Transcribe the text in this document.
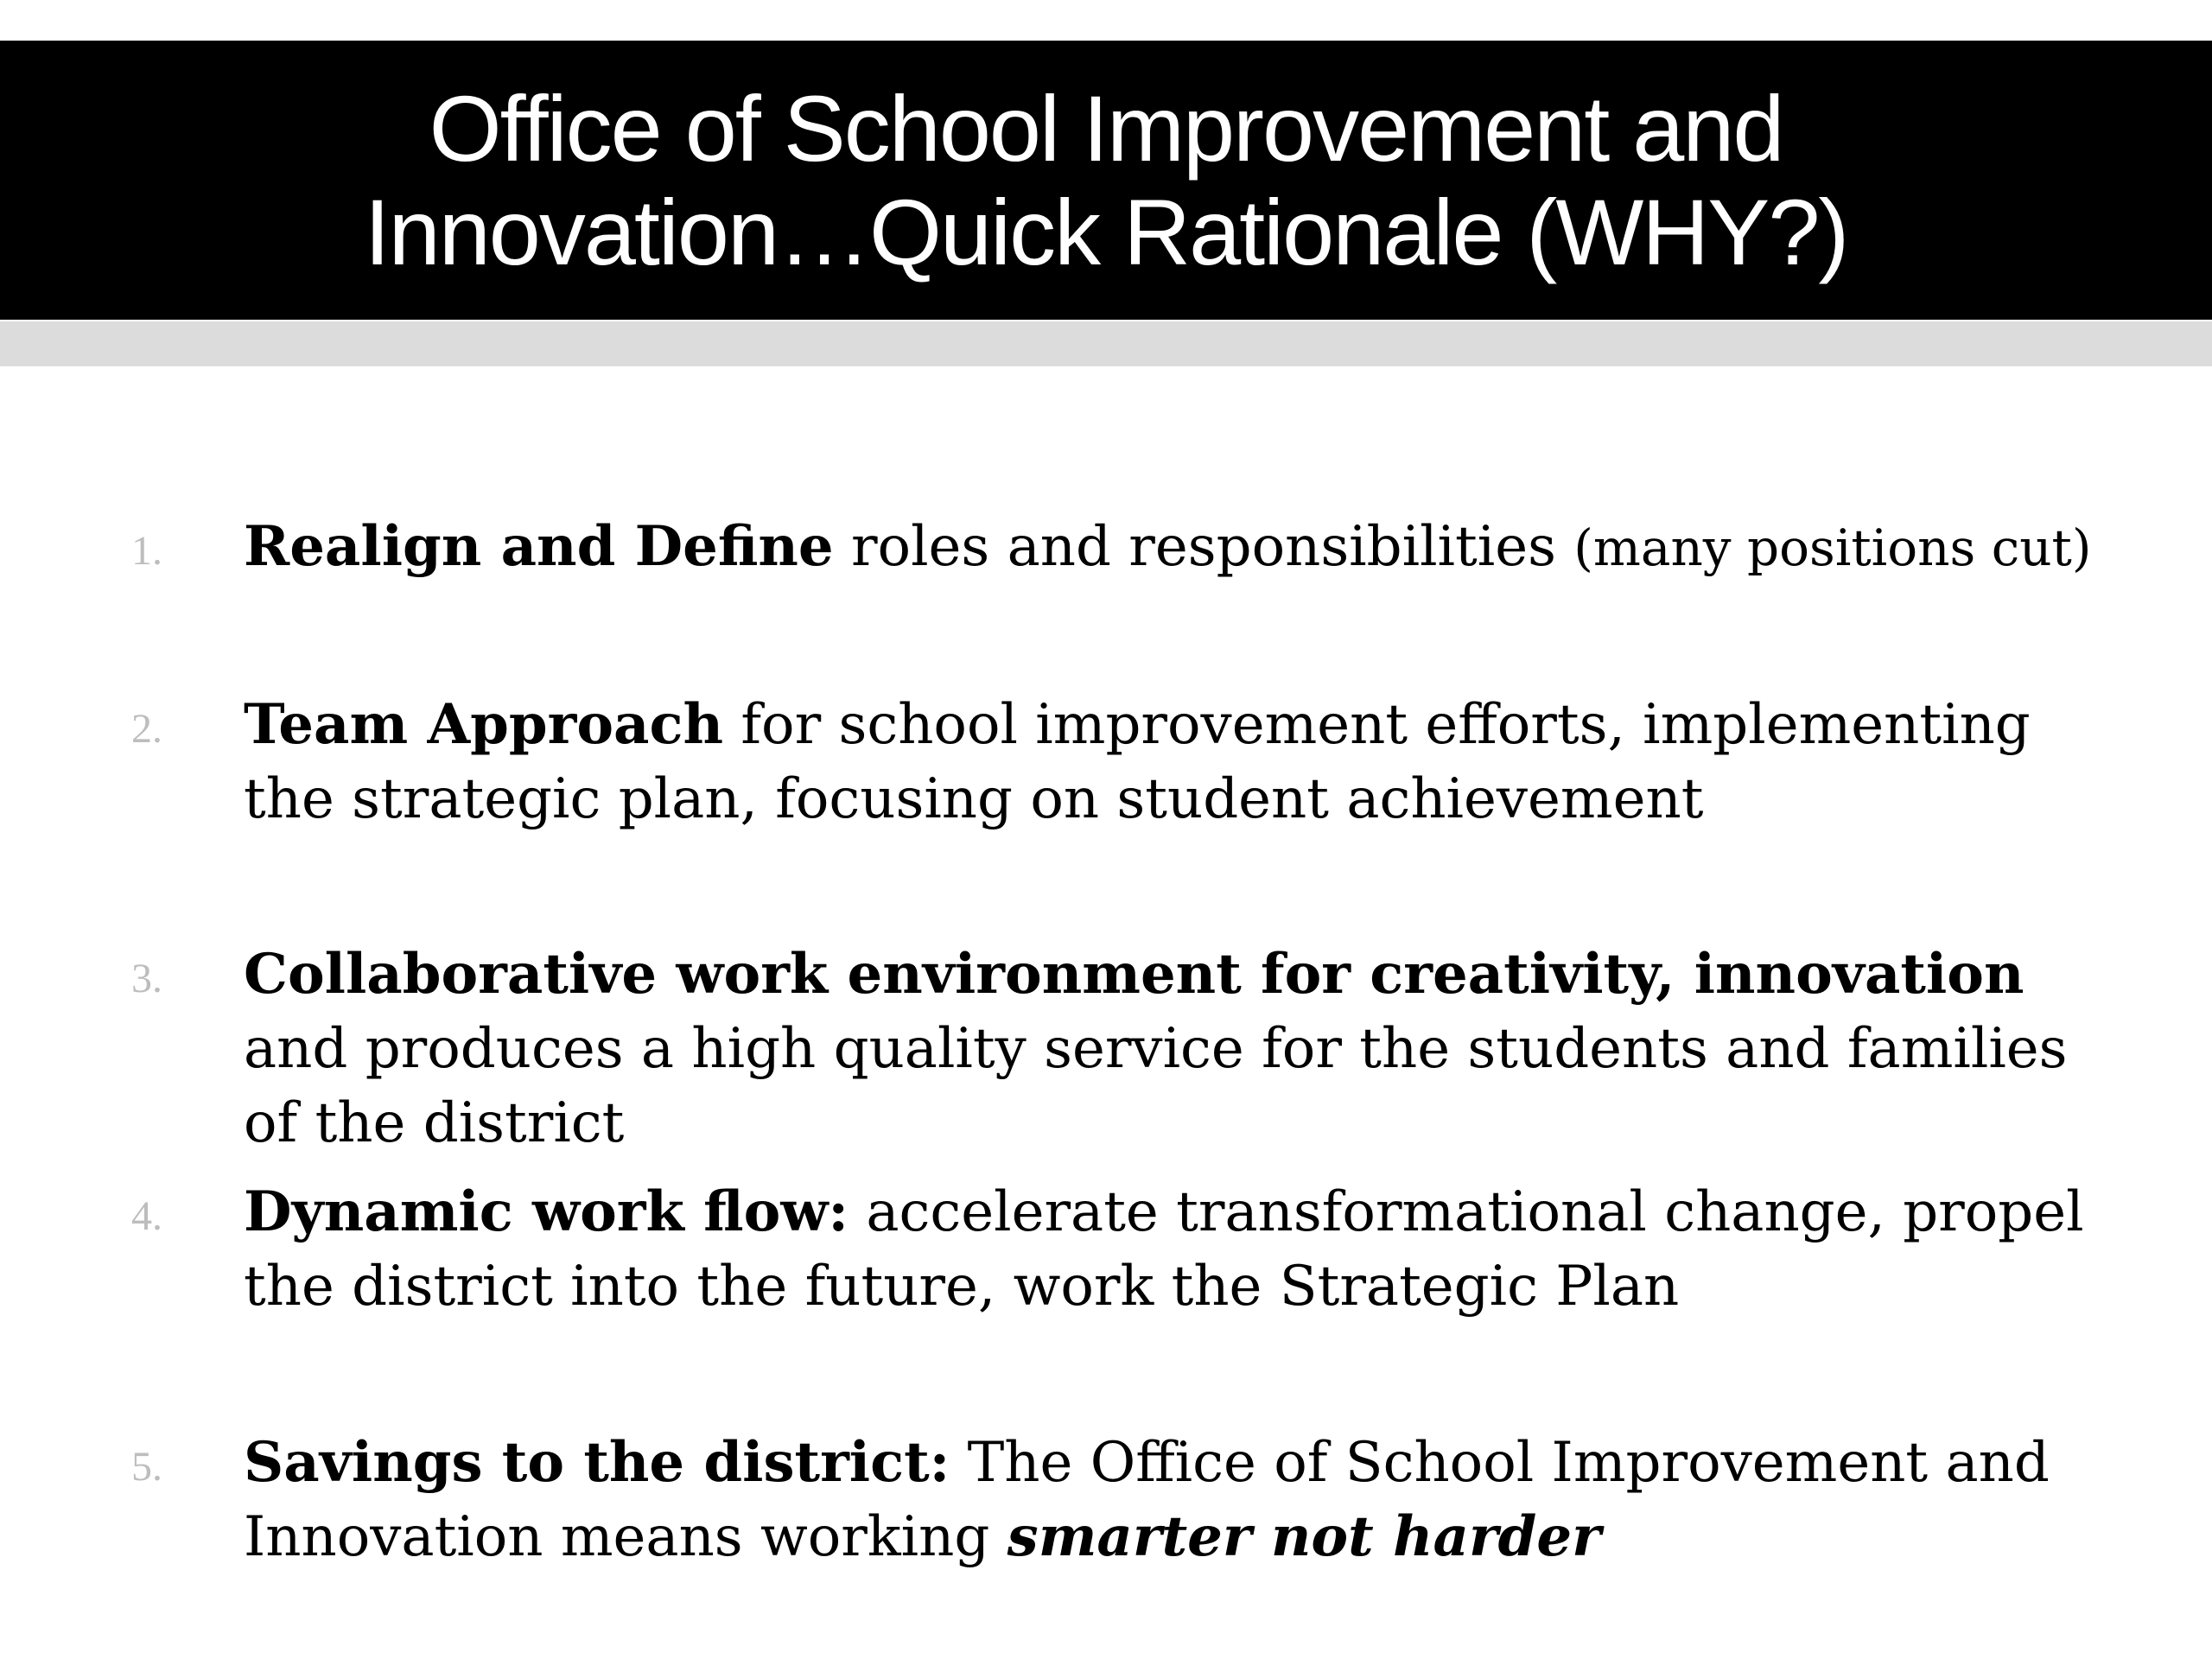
Office of School Improvement and
Innovation…Quick Rationale (WHY?)
1. Realign and Define roles and responsibilities (many positions cut)
2. Team Approach for school improvement efforts, implementing the strategic plan, focusing on student achievement
3. Collaborative work environment for creativity, innovation and produces a high quality service for the students and families of the district
4. Dynamic work flow: accelerate transformational change, propel the district into the future, work the Strategic Plan
5. Savings to the district: The Office of School Improvement and Innovation means working smarter not harder
